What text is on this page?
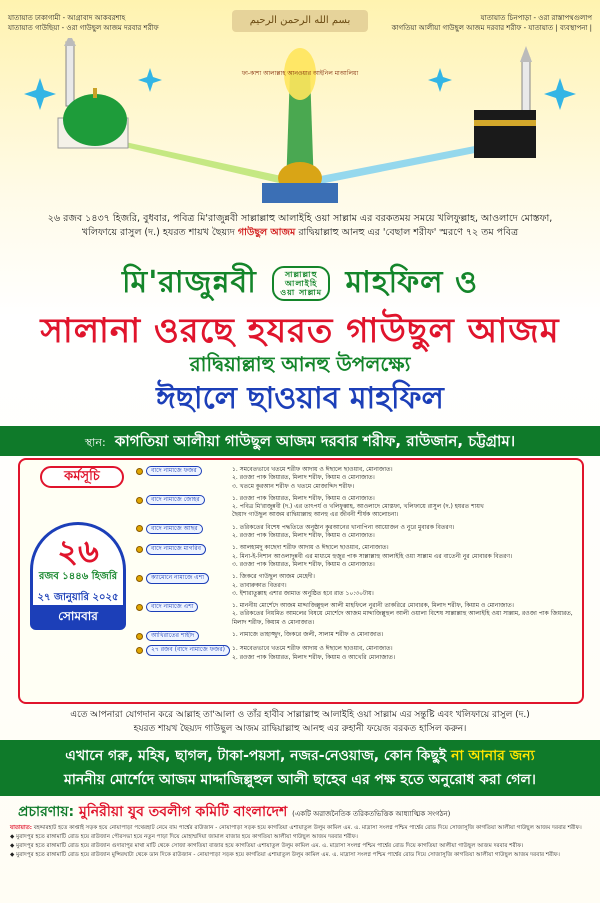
যাতায়াত ঢাকাগামী - আগ্রাবাদ আকবরশাহ
যাতায়াত গাউছিয়া - ওরা গাউছুল আজম দরবার শরীফ
যাতায়াত চিনপাড়া - ওরা রাস্তাপথগুলাপ
কাগতিয়া আলীয়া গাউছুল আজম দরবার শরীফ - যাতায়াত | ব্যবস্থাপনা |
بسم الله الرحمن الرحيم
ফা-কাশা আলাল্লাহ আনওয়ার আইনিল মাআলিয়া
২৬ রজব ১৪৩৭ হিজরি, বুধবার, পবিত্র মি'রাজুন্নবী সাল্লাল্লাহু আলাইহি ওয়া সাল্লাম এর বরকতময় সময়ে খলিফুল্লাহ, আওলাদে মোস্তফা,
খলিফায়ে রাসুল (দ.) হযরত শায়খ ছৈয়্যদ গাউছুল আজম রাদ্বিয়াল্লাহু আনহু এর 'বেছাল শরীফ' স্মরণে ৭২ তম পবিত্র
মি'রাজুন্নবী	সাল্লাল্লাহু
আলাইহি
ওয়া সাল্লাম মাহফিল ও
সালানা ওরছে হযরত গাউছুল আজম
রাদ্বিয়াল্লাহু আনহু উপলক্ষ্যে
ঈছালে ছাওয়াব মাহফিল
স্থান: কাগতিয়া আলীয়া গাউছুল আজম দরবার শরীফ, রাউজান, চট্টগ্রাম।
কর্মসূচি
২৬
রজব ১৪৪৬ হিজরি
২৭ জানুয়ারি ২০২৫
সোমবার
বাদে নামাজে ফজর	১. সমবেতভাবে খতমে শরীফ আদায় ও ঈছালে ছাওয়াব, মোনাজাত।
২. রওজা পাক জিয়ারত, মিলাদ শরীফ, কিয়াম ও মোনাজাত।
৩. খতমে কুরআন শরীফ ও খতমে মোজাদ্দিদ শরীফ।
বাদে নামাজে জোহর	১. রওজা পাক জিয়ারত, মিলাদ শরীফ, কিয়াম ও মোনাজাত।
২. পবিত্র মি'রাজুন্নবী (দ.) এর তাৎপর্য ও খলিফুল্লাহ, আওলাদে মোস্তফা, খলিফায়ে রাসুল (দ.) হযরত শায়খ
ছৈয়্যদ গাউছুল আজম রাদ্বিয়াল্লাহু আনহু এর জীবনী শীর্ষক আলোচনা।
বাদে নামাজে আছর	১. তরিকতের বিশেষ পদ্ধতিতে অনুষ্ঠান কুরআনের খানাপিনা আয়োজন ও নুরে মুবারক বিতরণ।
২. রওজা পাক জিয়ারত, মিলাদ শরীফ, কিয়াম ও মোনাজাত।
বাদে নামাজে মাগরিব	১. আলহামদু কাছেদা শরীফ আদায় ও ঈছালে ছাওয়াব, মোনাজাত।
২. মিনা-ই-নিশান আওলাদুন্নবী এর মাধ্যমে হুজুর পাক সাল্লাল্লাহু আলাইহি ওয়া সাল্লাম এর বাতেনী নুর মোবারক বিতরণ।
৩. রওজা পাক জিয়ারত, মিলাদ শরীফ, কিয়াম ও মোনাজাত।
ক্যামোনে নামাজে এশা	১. জিকরে গাউছুল আজম মেহেদী।
২. তাবারুকাত বিতরণ।
৩. ইশারাতুল্লাহ এশার জামাত অনুষ্ঠিত হবে রাত ১০:৩০টায়।
বাদে নামাজে এশা	১. মাননীয় মোর্শেদে আজম মাদ্দাজিল্লুহুল আলী মাহফিলে নুরানী তাকরিরে মোবারক, মিলাদ শরীফ, কিয়াম ও মোনাজাত।
২. তরিকতের নিয়মিত আমলের বিষয়ে মোর্শেদে আজম মাদ্দাজিল্লুহুল আলী ওয়ালা বিশেষ সাল্লাল্লাহু আলাইহি ওয়া সাল্লাম, রওজা পাক জিয়ারত, মিলাদ শরীফ, কিয়াম ও মোনাজাত।
আখিরাতের শাহীদ	১. নামাজে তাহাজ্জুদ, জিকরে জলী, সালাম শরীফ ও মোনাজাত।
২৭ রজব (বাদে নামাজে ফজর)	১. সমবেতভাবে খতমে শরীফ আদায় ও ঈছালে ছাওয়াব, মোনাজাত।
২. রওজা পাক জিয়ারত, মিলাদ শরীফ, কিয়াম ও আখেরি মোনাজাত।
এতে আপনারা যোগদান করে আল্লাহ তা'আলা ও তাঁর হাবীব সাল্লাল্লাহু আলাইহি ওয়া সাল্লাম এর সন্তুষ্টি এবং খলিফায়ে রাসুল (দ.)
হযরত শায়খ ছৈয়্যদ গাউছুল আজম রাদ্বিয়াল্লাহু আনহু এর রুহানী ফয়েজ বরকত হাসিল করুন।
এখানে গরু, মহিষ, ছাগল, টাকা-পয়সা, নজর-নেওয়াজ, কোন কিছুই না আনার জন্য
মাননীয় মোর্শেদে আজম মাদ্দাজিল্লুহুল আলী ছাহেব এর পক্ষ হতে অনুরোধ করা গেল।
প্রচারণায়: মুনিরীয়া যুব তবলীগ কমিটি বাংলাদেশ (একটি অরাজনৈতিক তরিকতভিত্তিক আধ্যাত্মিক সংগঠন)
যাতায়াত: বহদ্দারহাট হতে কাপ্তাই সড়ক হয়ে নোয়াপাড়া পথেরহাট নেমে বাম পার্শ্বের রাউজান - নোয়াপাড়া সড়ক হয়ে কাগতিয়া এশায়াতুল উলুম কামিল এম. এ. মাদ্রাসা সংলগ্ন পশ্চিম পার্শ্বের রোড দিয়ে সোজাসুজি কাগতিয়া আলীয়া গাউছুল আজম দরবার শরীফ।
◆ মুরাদপুর হতে রাঙ্গামাটি রোড হয়ে রাউজান পৌরসভা হয়ে নতুন পাড়া দিয়ে মোহাম্মদিয়া জামাল বাজার হয়ে কাগতিয়া আলীয়া গাউছুল আজম দরবার শরীফ।
◆ মুরাদপুর হতে রাঙ্গামাটি রোড হয়ে রাউজান গুদারাপুর মাথা মাটি থেকে সোজা কাগতিয়া বাজার হয়ে কাগতিয়া এশায়াতুল উলুম কামিল এম. এ. মাদ্রাসা সংলগ্ন পশ্চিম পার্শ্বের রোড দিয়ে কাগতিয়া আলীয়া গাউছুল আজম দরবার শরীফ।
◆ মুরাদপুর হতে রাঙ্গামাটি রোড হয়ে রাউজান মুন্সিরঘাটা থেকে ডান দিকে রাউজান - নোয়াপাড়া সড়ক হয়ে কাগতিয়া এশায়াতুল উলুম কামিল এম. এ. মাদ্রাসা সংলগ্ন পশ্চিম পার্শ্বের রোড দিয়ে সোজাসুজি কাগতিয়া আলীয়া গাউছুল আজম দরবার শরীফ।
